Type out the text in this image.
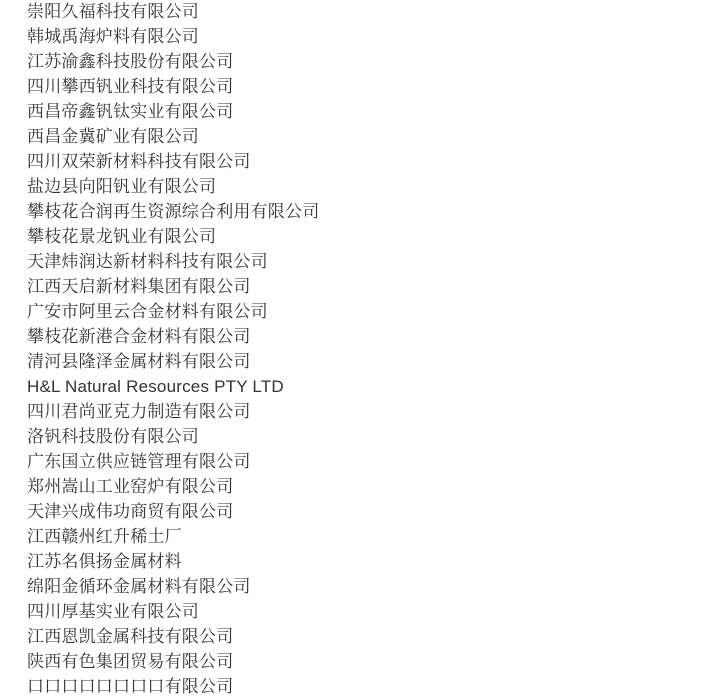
崇阳久福科技有限公司
韩城禹海炉料有限公司
江苏渝鑫科技股份有限公司
四川攀西钒业科技有限公司
西昌帝鑫钒钛实业有限公司
西昌金冀矿业有限公司
四川双荣新材料科技有限公司
盐边县向阳钒业有限公司
攀枝花合润再生资源综合利用有限公司
攀枝花景龙钒业有限公司
天津炜润达新材料科技有限公司
江西天启新材料集团有限公司
广安市阿里云合金材料有限公司
攀枝花新港合金材料有限公司
清河县隆泽金属材料有限公司
H&L Natural Resources PTY LTD
四川君尚亚克力制造有限公司
洛钒科技股份有限公司
广东国立供应链管理有限公司
郑州嵩山工业窑炉有限公司
天津兴成伟功商贸有限公司
江西赣州红升稀土厂
江苏名俱扬金属材料
绵阳金循环金属材料有限公司
四川厚基实业有限公司
江西恩凯金属科技有限公司
陕西有色集团贸易有限公司
口口口口口口口口有限公司
